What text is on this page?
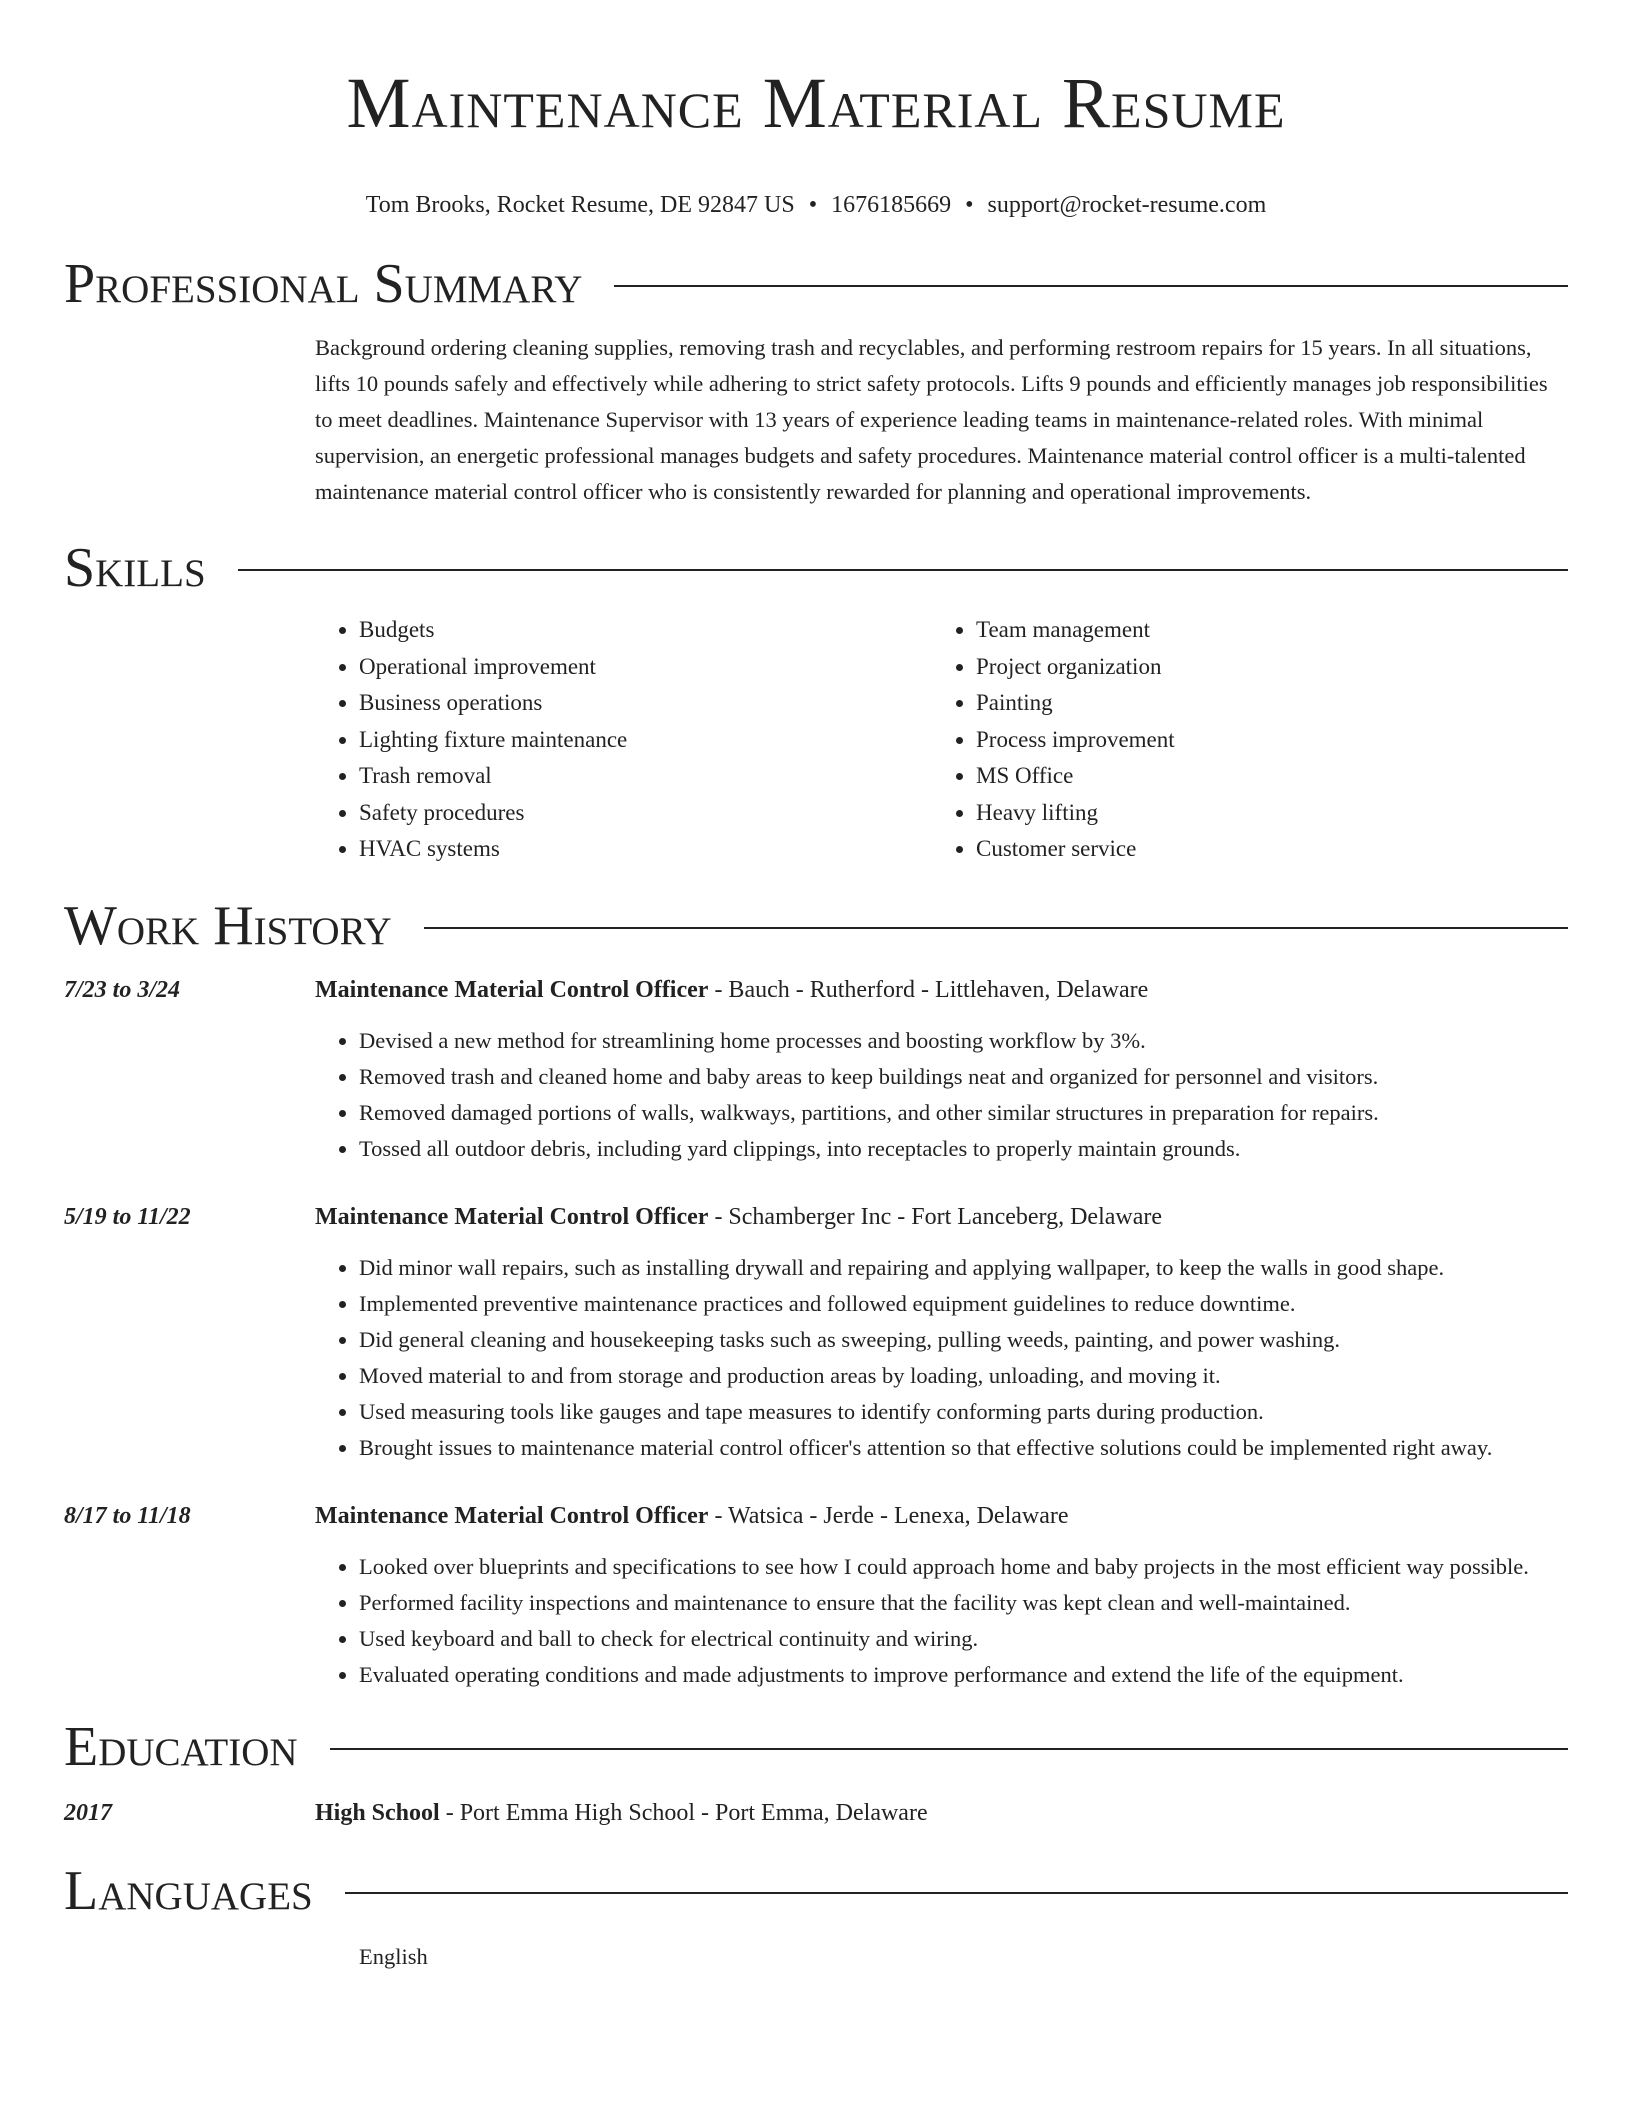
Maintenance Material Resume
Tom Brooks, Rocket Resume, DE 92847 US • 1676185669 • support@rocket-resume.com
Professional Summary

Background ordering cleaning supplies, removing trash and recyclables, and performing restroom repairs for 15 years. In all situations, lifts 10 pounds safely and effectively while adhering to strict safety protocols. Lifts 9 pounds and efficiently manages job responsibilities to meet deadlines. Maintenance Supervisor with 13 years of experience leading teams in maintenance-related roles. With minimal supervision, an energetic professional manages budgets and safety procedures. Maintenance material control officer is a multi-talented maintenance material control officer who is consistently rewarded for planning and operational improvements.

Skills
• Budgets
• Operational improvement
• Business operations
• Lighting fixture maintenance
• Trash removal
• Safety procedures
• HVAC systems
• Team management
• Project organization
• Painting
• Process improvement
• MS Office
• Heavy lifting
• Customer service
Work History
7/23 to 3/24	Maintenance Material Control Officer - Bauch - Rutherford - Littlehaven, Delaware
• Devised a new method for streamlining home processes and boosting workflow by 3%.
• Removed trash and cleaned home and baby areas to keep buildings neat and organized for personnel and visitors.
• Removed damaged portions of walls, walkways, partitions, and other similar structures in preparation for repairs.
• Tossed all outdoor debris, including yard clippings, into receptacles to properly maintain grounds.
5/19 to 11/22	Maintenance Material Control Officer - Schamberger Inc - Fort Lanceberg, Delaware
• Did minor wall repairs, such as installing drywall and repairing and applying wallpaper, to keep the walls in good shape.
• Implemented preventive maintenance practices and followed equipment guidelines to reduce downtime.
• Did general cleaning and housekeeping tasks such as sweeping, pulling weeds, painting, and power washing.
• Moved material to and from storage and production areas by loading, unloading, and moving it.
• Used measuring tools like gauges and tape measures to identify conforming parts during production.
• Brought issues to maintenance material control officer's attention so that effective solutions could be implemented right away.
8/17 to 11/18	Maintenance Material Control Officer - Watsica - Jerde - Lenexa, Delaware
• Looked over blueprints and specifications to see how I could approach home and baby projects in the most efficient way possible.
• Performed facility inspections and maintenance to ensure that the facility was kept clean and well-maintained.
• Used keyboard and ball to check for electrical continuity and wiring.
• Evaluated operating conditions and made adjustments to improve performance and extend the life of the equipment.
Education
2017	High School - Port Emma High School - Port Emma, Delaware
Languages
English
